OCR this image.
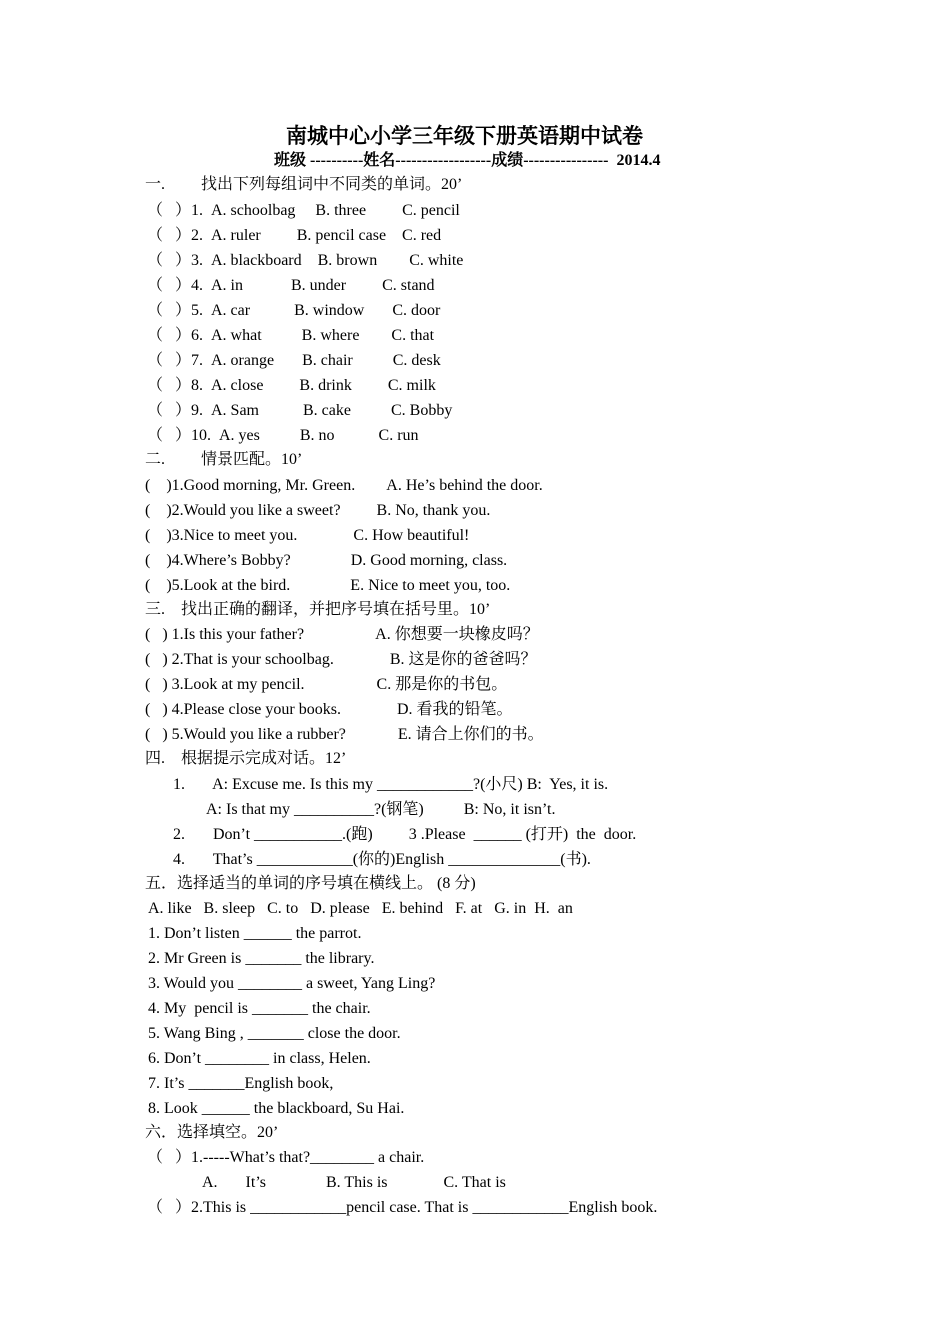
南城中心小学三年级下册英语期中试卷
班级 ----------姓名------------------成绩----------------  2014.4
一.         找出下列每组词中不同类的单词。20’
（   ）1.  A. schoolbag     B. three         C. pencil
（   ）2.  A. ruler         B. pencil case    C. red
（   ）3.  A. blackboard    B. brown        C. white
（   ）4.  A. in            B. under         C. stand
（   ）5.  A. car           B. window       C. door
（   ）6.  A. what          B. where        C. that
（   ）7.  A. orange       B. chair          C. desk
（   ）8.  A. close         B. drink         C. milk
（   ）9.  A. Sam           B. cake          C. Bobby
（   ）10.  A. yes          B. no           C. run
二.         情景匹配。10’
(    )1.Good morning, Mr. Green.        A. He’s behind the door.
(    )2.Would you like a sweet?         B. No, thank you.
(    )3.Nice to meet you.              C. How beautiful!
(    )4.Where’s Bobby?               D. Good morning, class.
(    )5.Look at the bird.               E. Nice to meet you, too.
三.    找出正确的翻译，并把序号填在括号里。10’
(   ) 1.Is this your father?                  A. 你想要一块橡皮吗？
(   ) 2.That is your schoolbag.              B. 这是你的爸爸吗？
(   ) 3.Look at my pencil.                  C. 那是你的书包。
(   ) 4.Please close your books.              D. 看我的铅笔。
(   ) 5.Would you like a rubber?             E. 请合上你们的书。
四.    根据提示完成对话。12’
1.       A: Excuse me. Is this my ____________?(小尺) B:  Yes, it is.
A: Is that my __________?(钢笔)          B: No, it isn’t.
2.       Don’t ___________.(跑)         3 .Please  ______ (打开)  the  door.
4.       That’s ____________(你的)English ______________(书).
五．选择适当的单词的序号填在横线上。 (8 分)
A. like   B. sleep   C. to   D. please   E. behind   F. at   G. in  H.  an
1. Don’t listen ______ the parrot.
2. Mr Green is _______ the library.
3. Would you ________ a sweet, Yang Ling?
4. My  pencil is _______ the chair.
5. Wang Bing , _______ close the door.
6. Don’t ________ in class, Helen.
7. It’s _______English book,
8. Look ______ the blackboard, Su Hai.
六．选择填空。20’
（   ）1.-----What’s that?________ a chair.
A.       It’s               B. This is              C. That is
（   ）2.This is ____________pencil case. That is ____________English book.
